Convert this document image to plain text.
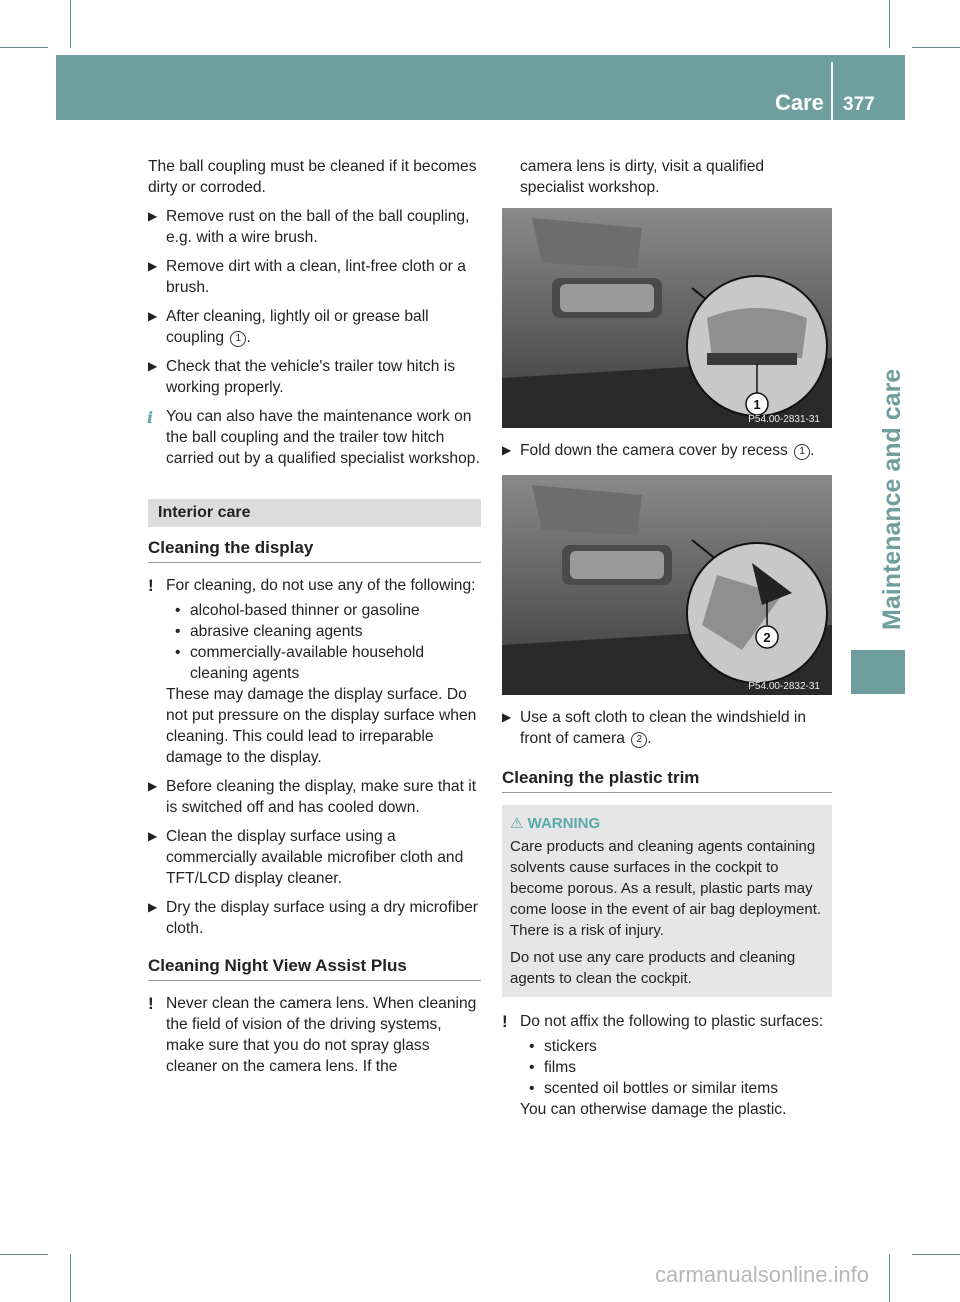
Care 377
Maintenance and care

The ball coupling must be cleaned if it becomes dirty or corroded.

▶ Remove rust on the ball of the ball coupling, e.g. with a wire brush.

▶ Remove dirt with a clean, lint-free cloth or a brush.

▶ After cleaning, lightly oil or grease ball coupling 1 .

▶ Check that the vehicle's trailer tow hitch is working properly.

i You can also have the maintenance work on the ball coupling and the trailer tow hitch carried out by a qualified specialist workshop.

Interior care

Cleaning the display

! For cleaning, do not use any of the following:

• alcohol-based thinner or gasoline

• abrasive cleaning agents

• commercially-available household cleaning agents

These may damage the display surface. Do not put pressure on the display surface when cleaning. This could lead to irreparable damage to the display.

▶ Before cleaning the display, make sure that it is switched off and has cooled down.

▶ Clean the display surface using a commercially available microfiber cloth and TFT/LCD display cleaner.

▶ Dry the display surface using a dry microfiber cloth.

Cleaning Night View Assist Plus

! Never clean the camera lens. When cleaning the field of vision of the driving systems, make sure that you do not spray glass cleaner on the camera lens. If the

camera lens is dirty, visit a qualified specialist workshop.

1
P54.00-2831-31

▶ Fold down the camera cover by recess 1 .

2
P54.00-2832-31

▶ Use a soft cloth to clean the windshield in front of camera 2 .

Cleaning the plastic trim

⚠ WARNING

Care products and cleaning agents containing solvents cause surfaces in the cockpit to become porous. As a result, plastic parts may come loose in the event of air bag deployment. There is a risk of injury.

Do not use any care products and cleaning agents to clean the cockpit.

! Do not affix the following to plastic surfaces:

• stickers

• films

• scented oil bottles or similar items

You can otherwise damage the plastic.

carmanualsonline.info
